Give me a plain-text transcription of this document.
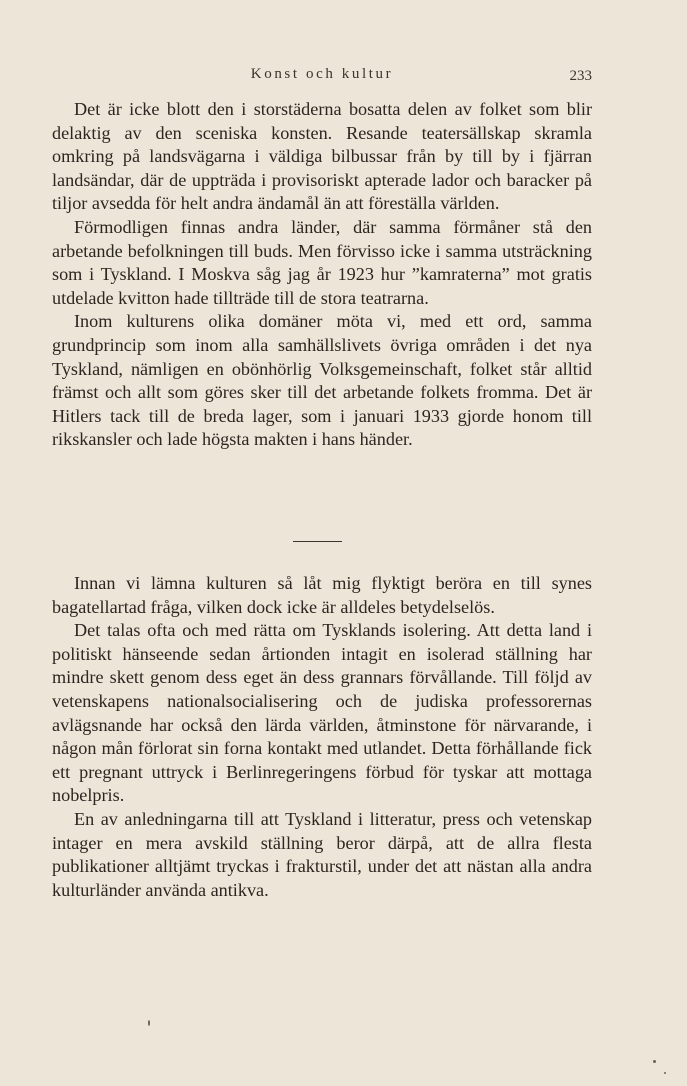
Konst och kultur	233

Det är icke blott den i storstäderna bosatta delen av folket som blir delaktig av den sceniska konsten. Resande teatersällskap skramla omkring på landsvägarna i väldiga bilbussar från by till by i fjärran landsändar, där de uppträda i provisoriskt apterade lador och baracker på tiljor avsedda för helt andra ändamål än att föreställa världen.

Förmodligen finnas andra länder, där samma förmåner stå den arbetande befolkningen till buds. Men förvisso icke i samma utsträckning som i Tyskland. I Moskva såg jag år 1923 hur ”kamraterna” mot gratis utdelade kvitton hade tillträde till de stora teatrarna.

Inom kulturens olika domäner möta vi, med ett ord, samma grundprincip som inom alla samhällslivets övriga områden i det nya Tyskland, nämligen en obönhörlig Volksgemeinschaft, folket står alltid främst och allt som göres sker till det arbetande folkets fromma. Det är Hitlers tack till de breda lager, som i januari 1933 gjorde honom till rikskansler och lade högsta makten i hans händer.

Innan vi lämna kulturen så låt mig flyktigt beröra en till synes bagatellartad fråga, vilken dock icke är alldeles betydelselös.

Det talas ofta och med rätta om Tysklands isolering. Att detta land i politiskt hänseende sedan årtionden intagit en isolerad ställning har mindre skett genom dess eget än dess grannars förvållande. Till följd av vetenskapens nationalsocialisering och de judiska professorernas avlägsnande har också den lärda världen, åtminstone för närvarande, i någon mån förlorat sin forna kontakt med utlandet. Detta förhållande fick ett pregnant uttryck i Berlinregeringens förbud för tyskar att mottaga nobelpris.

En av anledningarna till att Tyskland i litteratur, press och vetenskap intager en mera avskild ställning beror därpå, att de allra flesta publikationer alltjämt tryckas i frakturstil, under det att nästan alla andra kulturländer använda antikva.
